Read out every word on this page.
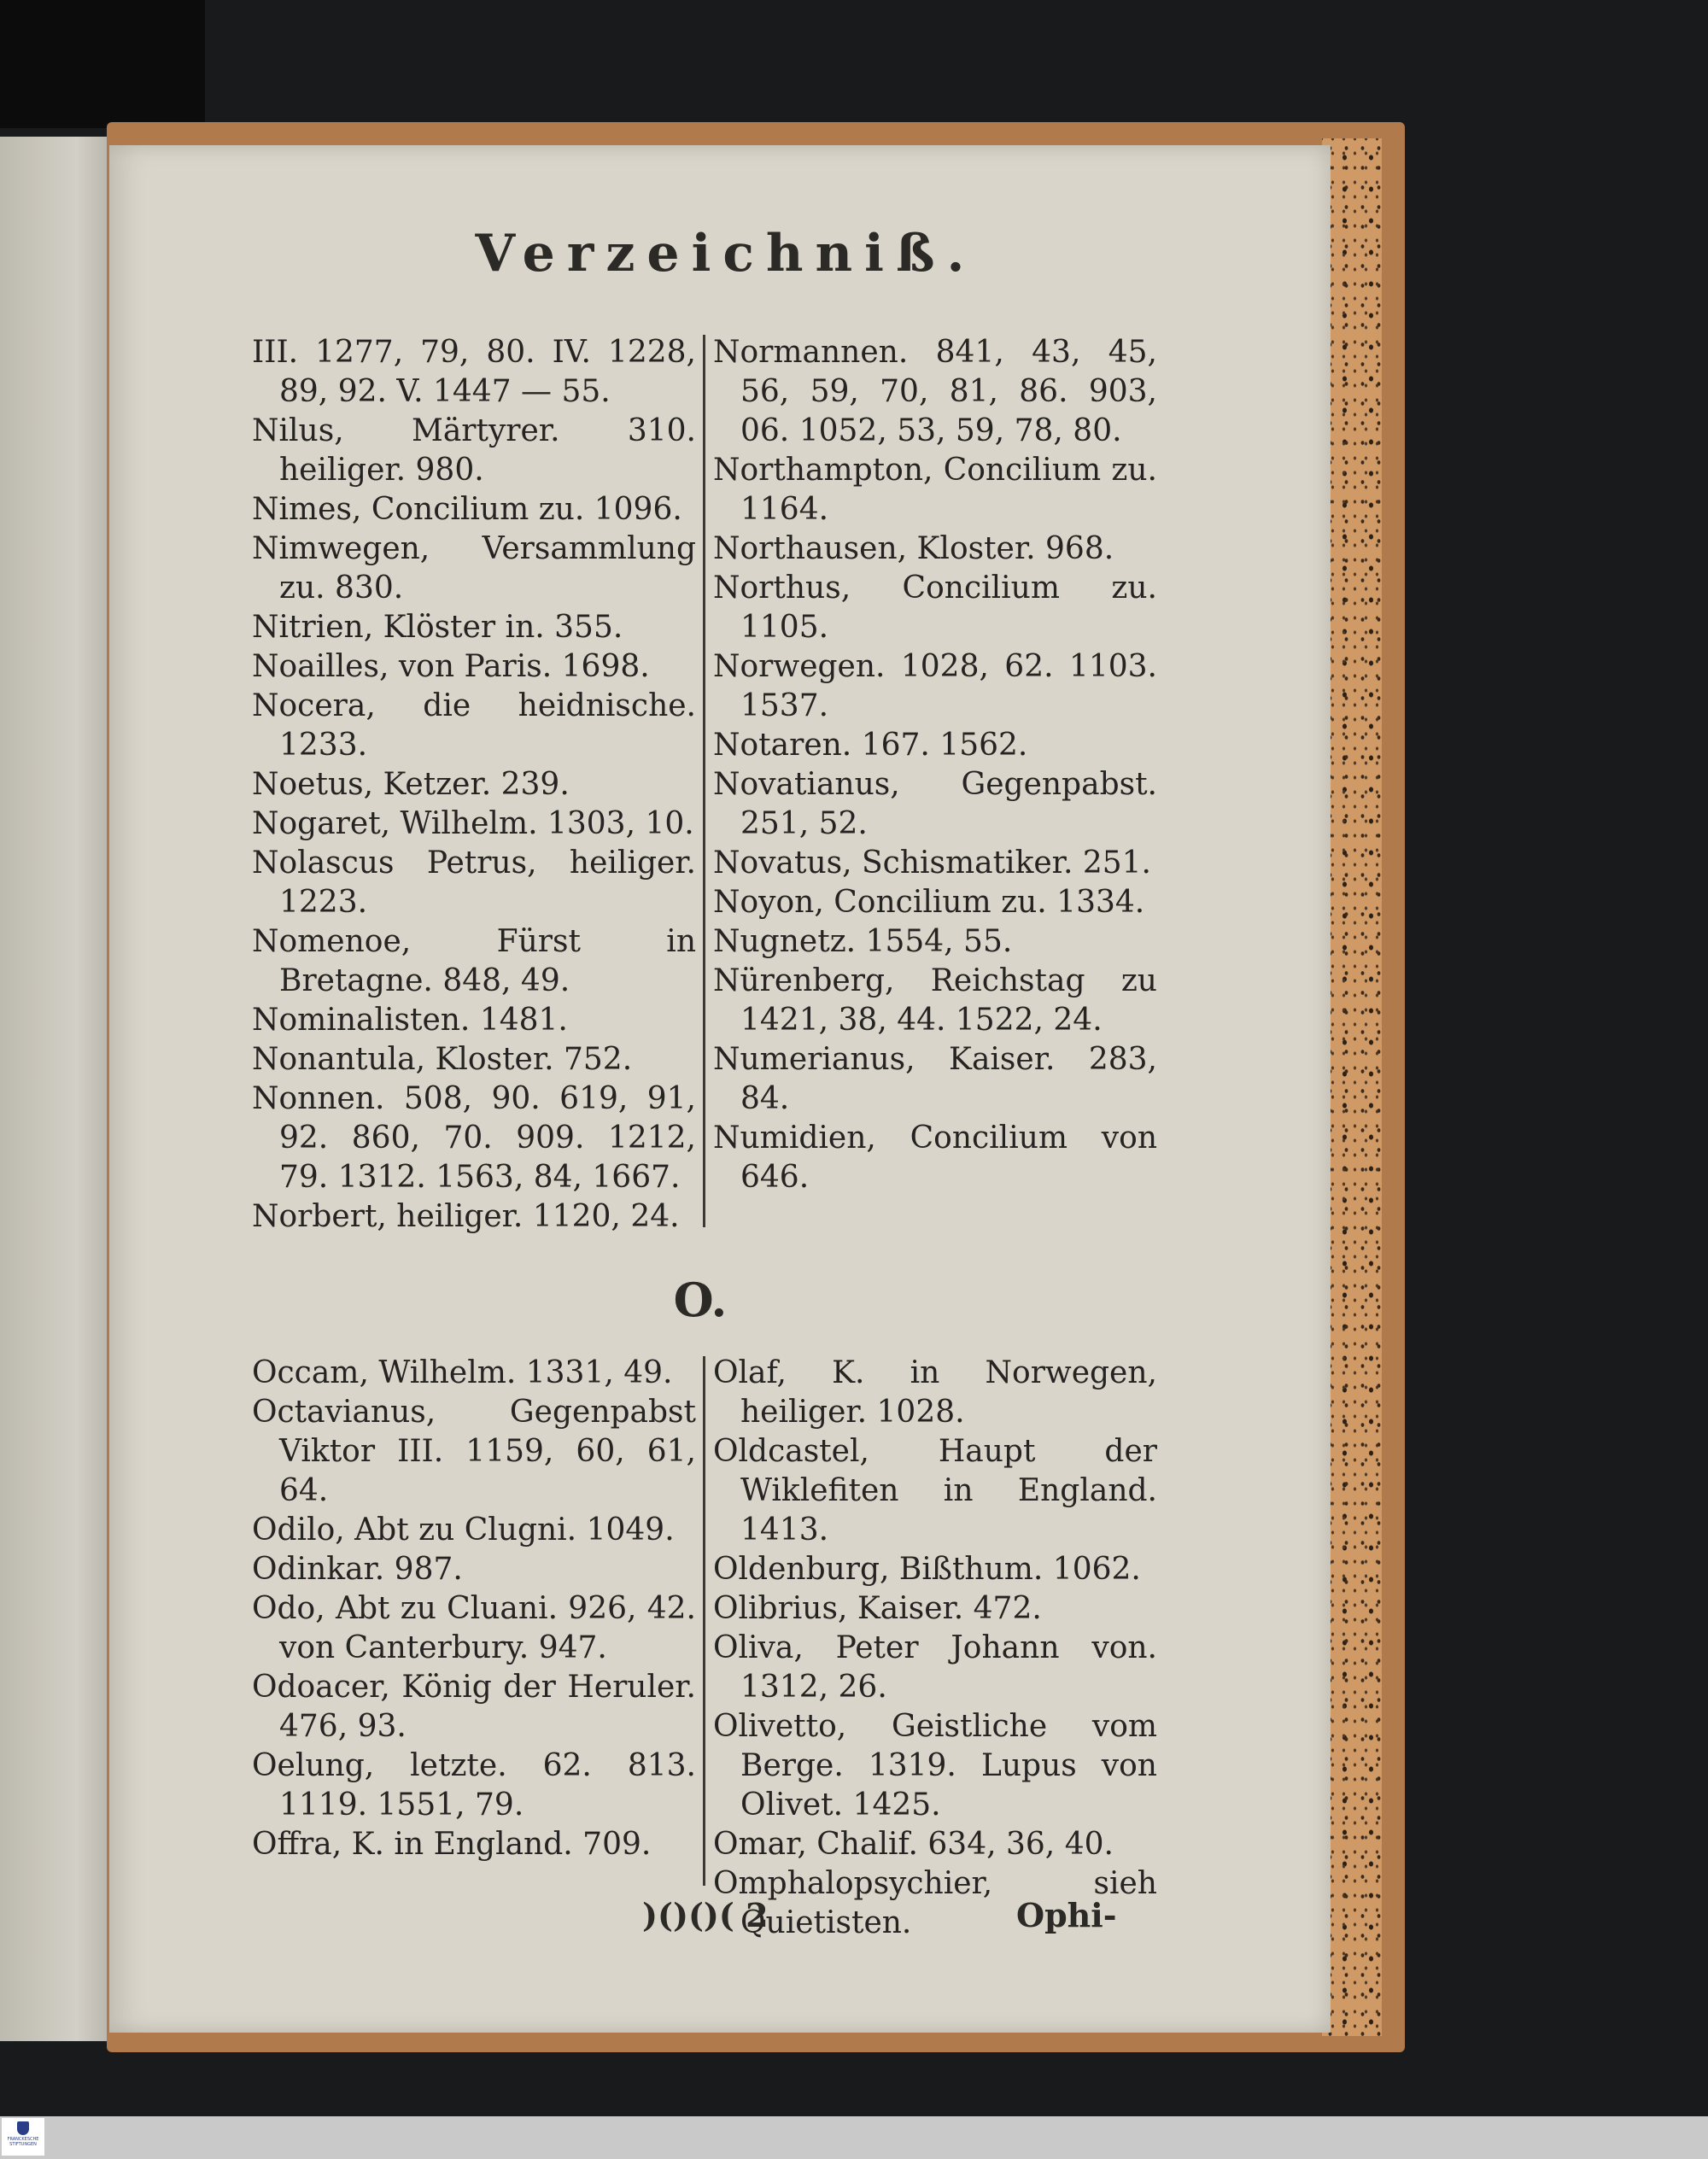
Verzeichniß.
III. 1277, 79, 80. IV. 1228, 89, 92. V. 1447 — 55.
Nilus, Märtyrer. 310. heiliger. 980.
Nimes, Concilium zu. 1096.
Nimwegen, Versammlung zu. 830.
Nitrien, Klöster in. 355.
Noailles, von Paris. 1698.
Nocera, die heidnische. 1233.
Noetus, Ketzer. 239.
Nogaret, Wilhelm. 1303, 10.
Nolascus Petrus, heiliger. 1223.
Nomenoe, Fürst in Bretagne. 848, 49.
Nominalisten. 1481.
Nonantula, Kloster. 752.
Nonnen. 508, 90. 619, 91, 92. 860, 70. 909. 1212, 79. 1312. 1563, 84, 1667.
Norbert, heiliger. 1120, 24.
Normannen. 841, 43, 45, 56, 59, 70, 81, 86. 903, 06. 1052, 53, 59, 78, 80.
Northampton, Concilium zu. 1164.
Northausen, Kloster. 968.
Northus, Concilium zu. 1105.
Norwegen. 1028, 62. 1103. 1537.
Notaren. 167. 1562.
Novatianus, Gegenpabst. 251, 52.
Novatus, Schismatiker. 251.
Noyon, Concilium zu. 1334.
Nugnetz. 1554, 55.
Nürenberg, Reichstag zu 1421, 38, 44. 1522, 24.
Numerianus, Kaiser. 283, 84.
Numidien, Concilium von 646.
O.
Occam, Wilhelm. 1331, 49.
Octavianus, Gegenpabst Viktor III. 1159, 60, 61, 64.
Odilo, Abt zu Clugni. 1049.
Odinkar. 987.
Odo, Abt zu Cluani. 926, 42. von Canterbury. 947.
Odoacer, König der Heruler. 476, 93.
Oelung, letzte. 62. 813. 1119. 1551, 79.
Offra, K. in England. 709.
Olaf, K. in Norwegen, heiliger. 1028.
Oldcastel, Haupt der Wiklefiten in England. 1413.
Oldenburg, Bißthum. 1062.
Olibrius, Kaiser. 472.
Oliva, Peter Johann von. 1312, 26.
Olivetto, Geistliche vom Berge. 1319. Lupus von Olivet. 1425.
Omar, Chalif. 634, 36, 40.
Omphalopsychier, sieh Quietisten.
)()()( 2	Ophi-
FRANCKESCHE
STIFTUNGEN
